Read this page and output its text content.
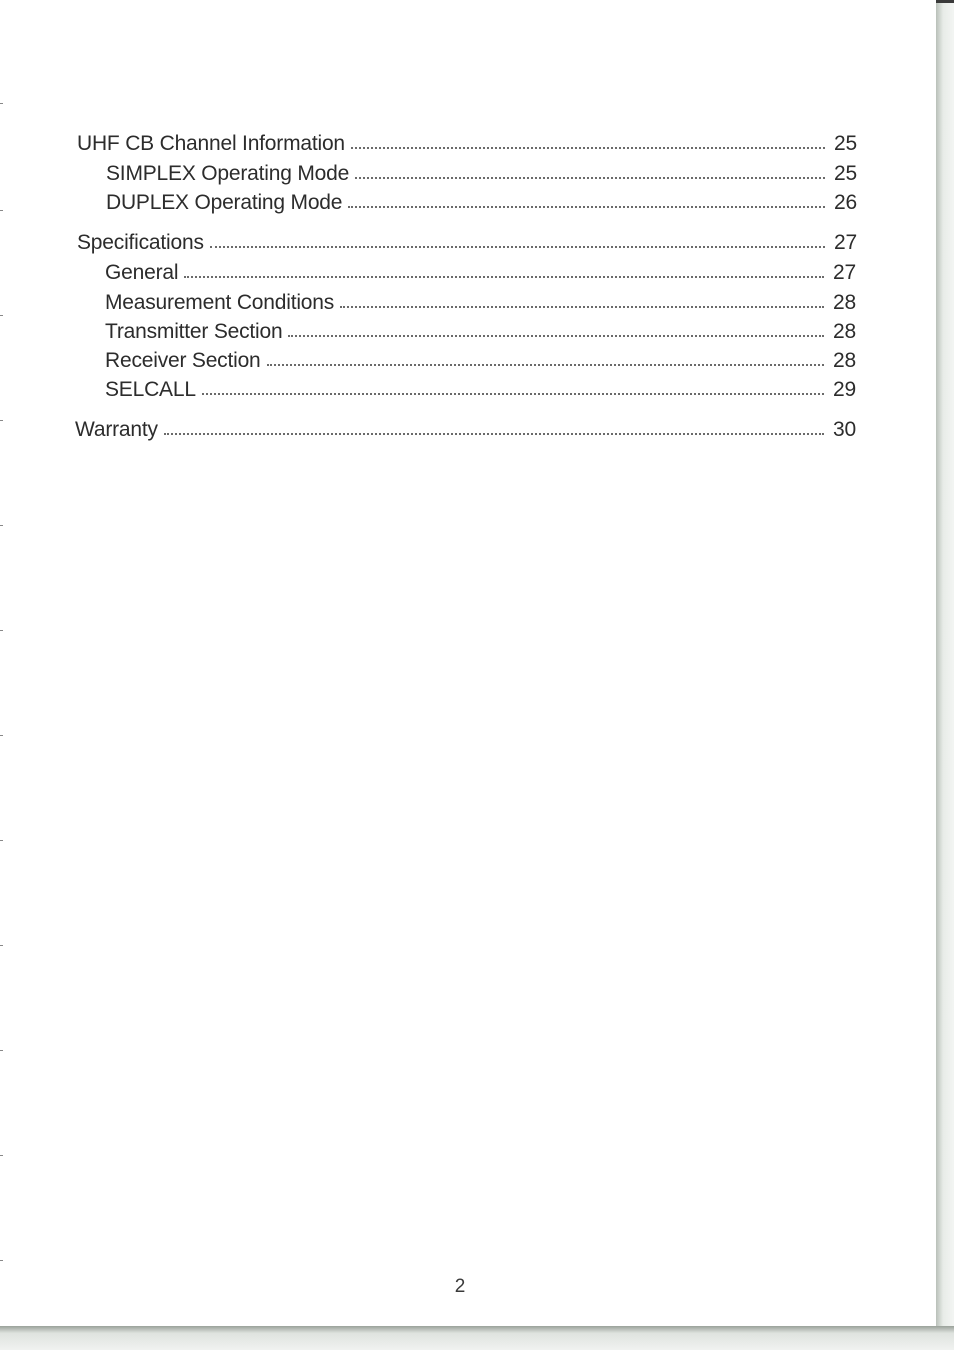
UHF CB Channel Information	25
SIMPLEX Operating Mode	25
DUPLEX Operating Mode	26
Specifications	27
General	27
Measurement Conditions	28
Transmitter Section	28
Receiver Section	28
SELCALL	29
Warranty	30
2
